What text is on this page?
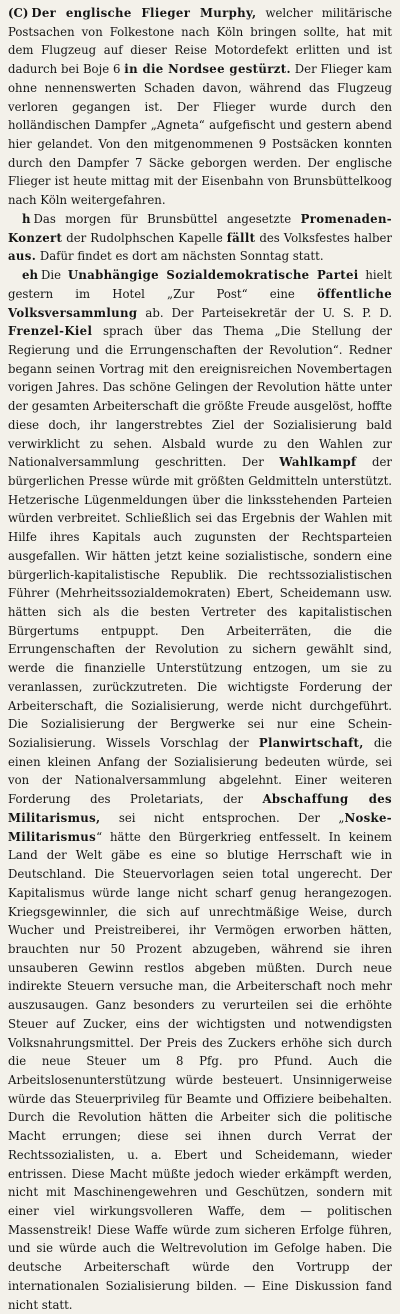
(C) Der englische Flieger Murphy, welcher militärische Postsachen von Folkestone nach Köln bringen sollte, hat mit dem Flugzeug auf dieser Reise Motordefekt erlitten und ist dadurch bei Boje 6 in die Nordsee gestürzt. Der Flieger kam ohne nennenswerten Schaden davon, während das Flugzeug verloren gegangen ist. Der Flieger wurde durch den holländischen Dampfer „Agneta“ aufgefischt und gestern abend hier gelandet. Von den mitgenommenen 9 Postsäcken konnten durch den Dampfer 7 Säcke geborgen werden. Der englische Flieger ist heute mittag mit der Eisenbahn von Brunsbüttelkoog nach Köln weitergefahren.

h Das morgen für Brunsbüttel angesetzte Promenaden-Konzert der Rudolphschen Kapelle fällt des Volksfestes halber aus. Dafür findet es dort am nächsten Sonntag statt.

eh Die Unabhängige Sozialdemokratische Partei hielt gestern im Hotel „Zur Post“ eine öffentliche Volksversammlung ab. Der Parteisekretär der U. S. P. D. Frenzel-Kiel sprach über das Thema „Die Stellung der Regierung und die Errungenschaften der Revolution“. Redner begann seinen Vortrag mit den ereignisreichen Novembertagen vorigen Jahres. Das schöne Gelingen der Revolution hätte unter der gesamten Arbeiterschaft die größte Freude ausgelöst, hoffte diese doch, ihr langerstrebtes Ziel der Sozialisierung bald verwirklicht zu sehen. Alsbald wurde zu den Wahlen zur Nationalversammlung geschritten. Der Wahlkampf der bürgerlichen Presse würde mit größten Geldmitteln unterstützt. Hetzerische Lügenmeldungen über die linksstehenden Parteien würden verbreitet. Schließlich sei das Ergebnis der Wahlen mit Hilfe ihres Kapitals auch zugunsten der Rechtsparteien ausgefallen. Wir hätten jetzt keine sozialistische, sondern eine bürgerlich-kapitalistische Republik. Die rechtssozialistischen Führer (Mehrheitssozialdemokraten) Ebert, Scheidemann usw. hätten sich als die besten Vertreter des kapitalistischen Bürgertums entpuppt. Den Arbeiterräten, die die Errungenschaften der Revolution zu sichern gewählt sind, werde die finanzielle Unterstützung entzogen, um sie zu veranlassen, zurückzutreten. Die wichtigste Forderung der Arbeiterschaft, die Sozialisierung, werde nicht durchgeführt. Die Sozialisierung der Bergwerke sei nur eine Schein-Sozialisierung. Wissels Vorschlag der Planwirtschaft, die einen kleinen Anfang der Sozialisierung bedeuten würde, sei von der Nationalversammlung abgelehnt. Einer weiteren Forderung des Proletariats, der Abschaffung des Militarismus, sei nicht entsprochen. Der „Noske-Militarismus“ hätte den Bürgerkrieg entfesselt. In keinem Land der Welt gäbe es eine so blutige Herrschaft wie in Deutschland. Die Steuervorlagen seien total ungerecht. Der Kapitalismus würde lange nicht scharf genug herangezogen. Kriegsgewinnler, die sich auf unrechtmäßige Weise, durch Wucher und Preistreiberei, ihr Vermögen erworben hätten, brauchten nur 50 Prozent abzugeben, während sie ihren unsauberen Gewinn restlos abgeben müßten. Durch neue indirekte Steuern versuche man, die Arbeiterschaft noch mehr auszusaugen. Ganz besonders zu verurteilen sei die erhöhte Steuer auf Zucker, eins der wichtigsten und notwendigsten Volksnahrungsmittel. Der Preis des Zuckers erhöhe sich durch die neue Steuer um 8 Pfg. pro Pfund. Auch die Arbeitslosenunterstützung würde besteuert. Unsinnigerweise würde das Steuerprivileg für Beamte und Offiziere beibehalten. Durch die Revolution hätten die Arbeiter sich die politische Macht errungen; diese sei ihnen durch Verrat der Rechtssozialisten, u. a. Ebert und Scheidemann, wieder entrissen. Diese Macht müßte jedoch wieder erkämpft werden, nicht mit Maschinengewehren und Geschützen, sondern mit einer viel wirkungsvolleren Waffe, dem — politischen Massenstreik! Diese Waffe würde zum sicheren Erfolge führen, und sie würde auch die Weltrevolution im Gefolge haben. Die deutsche Arbeiterschaft würde den Vortrupp der internationalen Sozialisierung bilden. — Eine Diskussion fand nicht statt.
